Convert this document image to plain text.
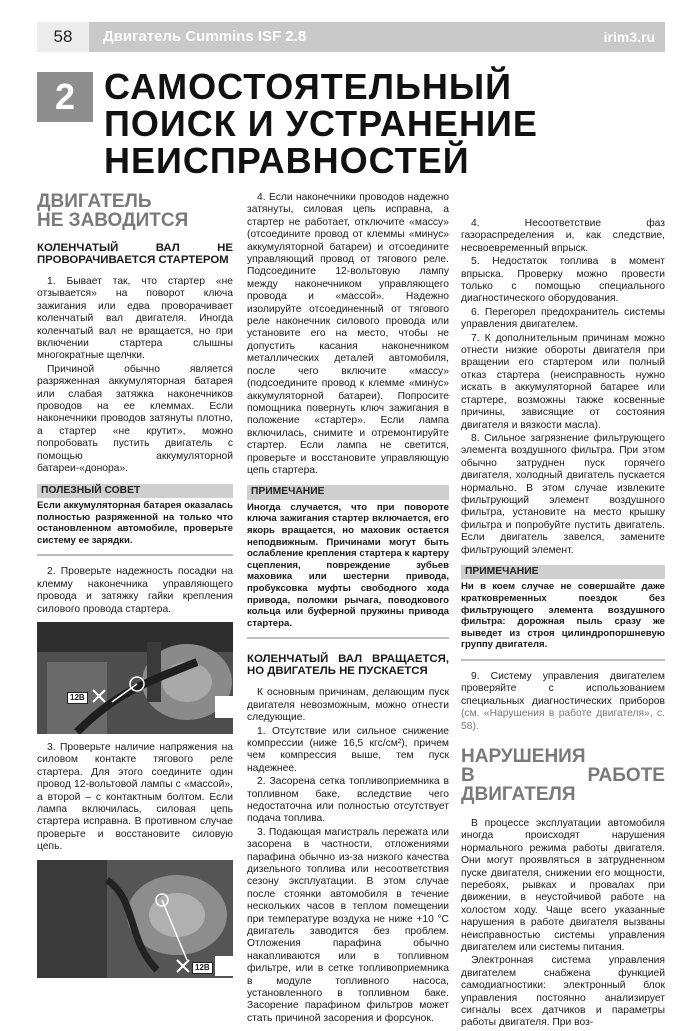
58	Двигатель Cummins ISF 2.8	irim3.ru
2 САМОСТОЯТЕЛЬНЫЙ
ПОИСК И УСТРАНЕНИЕ
НЕИСПРАВНОСТЕЙ
ДВИГАТЕЛЬ
НЕ ЗАВОДИТСЯ
КОЛЕНЧАТЫЙ ВАЛ НЕ ПРОВОРАЧИВАЕТСЯ СТАРТЕРОМ

1. Бывает так, что стартер «не отзывается» на поворот ключа зажигания или едва проворачивает коленчатый вал двигателя. Иногда коленчатый вал не вращается, но при включении стартера слышны многократные щелчки.

Причиной обычно является разряженная аккумуляторная батарея или слабая затяжка наконечников проводов на ее клеммах. Если наконечники проводов затянуты плотно, а стартер «не крутит», можно попробовать пустить двигатель с помощью аккумуляторной батареи-«донора».

ПОЛЕЗНЫЙ СОВЕТ
Если аккумуляторная батарея оказалась полностью разряженной на только что остановленном автомобиле, проверьте систему ее зарядки.

2. Проверьте надежность посадки на клемму наконечника управляющего провода и затяжку гайки крепления силового провода стартера.

12В

3. Проверьте наличие напряжения на силовом контакте тягового реле стартера. Для этого соедините один провод 12-вольтовой лампы с «массой», а второй – с контактным болтом. Если лампа включилась, силовая цепь стартера исправна. В противном случае проверьте и восстановите силовую цепь.

12В

4. Если наконечники проводов надежно затянуты, силовая цепь исправна, а стартер не работает, отключите «массу» (отсоедините провод от клеммы «минус» аккумуляторной батареи) и отсоедините управляющий провод от тягового реле. Подсоедините 12-вольтовую лампу между наконечником управляющего провода и «массой». Надежно изолируйте отсоединенный от тягового реле наконечник силового провода или установите его на место, чтобы не допустить касания наконечником металлических деталей автомобиля, после чего включите «массу» (подсоедините провод к клемме «минус» аккумуляторной батареи). Попросите помощника повернуть ключ зажигания в положение «стартер». Если лампа включилась, снимите и отремонтируйте стартер. Если лампа не светится, проверьте и восстановите управляющую цепь стартера.

ПРИМЕЧАНИЕ
Иногда случается, что при повороте ключа зажигания стартер включается, его якорь вращается, но маховик остается неподвижным. Причинами могут быть ослабление крепления стартера к картеру сцепления, повреждение зубьев маховика или шестерни привода, пробуксовка муфты свободного хода привода, поломки рычага, поводкового кольца или буферной пружины привода стартера.
КОЛЕНЧАТЫЙ ВАЛ ВРАЩАЕТСЯ, НО ДВИГАТЕЛЬ НЕ ПУСКАЕТСЯ

К основным причинам, делающим пуск двигателя невозможным, можно отнести следующие.

1. Отсутствие или сильное снижение компрессии (ниже 16,5 кгс/см²), причем чем компрессия выше, тем пуск надежнее.

2. Засорена сетка топливоприемника в топливном баке, вследствие чего недостаточна или полностью отсутствует подача топлива.

3. Подающая магистраль пережата или засорена в частности, отложениями парафина обычно из-за низкого качества дизельного топлива или несоответствия сезону эксплуатации. В этом случае после стоянки автомобиля в течение нескольких часов в теплом помещении при температуре воздуха не ниже +10 °С двигатель заводится без проблем. Отложения парафина обычно накапливаются или в топливном фильтре, или в сетке топливоприемника в модуле топливного насоса, установленного в топливном баке. Засорение парафином фильтров может стать причиной засорения и форсунок.

4. Несоответствие фаз газораспределения и, как следствие, несвоевременный впрыск.

5. Недостаток топлива в момент впрыска. Проверку можно провести только с помощью специального диагностического оборудования.

6. Перегорел предохранитель системы управления двигателем.

7. К дополнительным причинам можно отнести низкие обороты двигателя при вращении его стартером или полный отказ стартера (неисправность нужно искать в аккумуляторной батарее или стартере, возможны также косвенные причины, зависящие от состояния двигателя и вязкости масла).

8. Сильное загрязнение фильтрующего элемента воздушного фильтра. При этом обычно затруднен пуск горячего двигателя, холодный двигатель пускается нормально. В этом случае извлеките фильтрующий элемент воздушного фильтра, установите на место крышку фильтра и попробуйте пустить двигатель. Если двигатель завелся, замените фильтрующий элемент.

ПРИМЕЧАНИЕ
Ни в коем случае не совершайте даже кратковременных поездок без фильтрующего элемента воздушного фильтра: дорожная пыль сразу же выведет из строя цилиндропоршневую группу двигателя.

9. Систему управления двигателем проверяйте с использованием специальных диагностических приборов (см. «Нарушения в работе двигателя», с. 58).

НАРУШЕНИЯ
В РАБОТЕ ДВИГАТЕЛЯ

В процессе эксплуатации автомобиля иногда происходят нарушения нормального режима работы двигателя. Они могут проявляться в затрудненном пуске двигателя, снижении его мощности, перебоях, рывках и провалах при движении, в неустойчивой работе на холостом ходу. Чаще всего указанные нарушения в работе двигателя вызваны неисправностью системы управления двигателем или системы питания.

Электронная система управления двигателем снабжена функцией самодиагностики: электронный блок управления постоянно анализирует сигналы всех датчиков и параметры работы двигателя. При воз-
